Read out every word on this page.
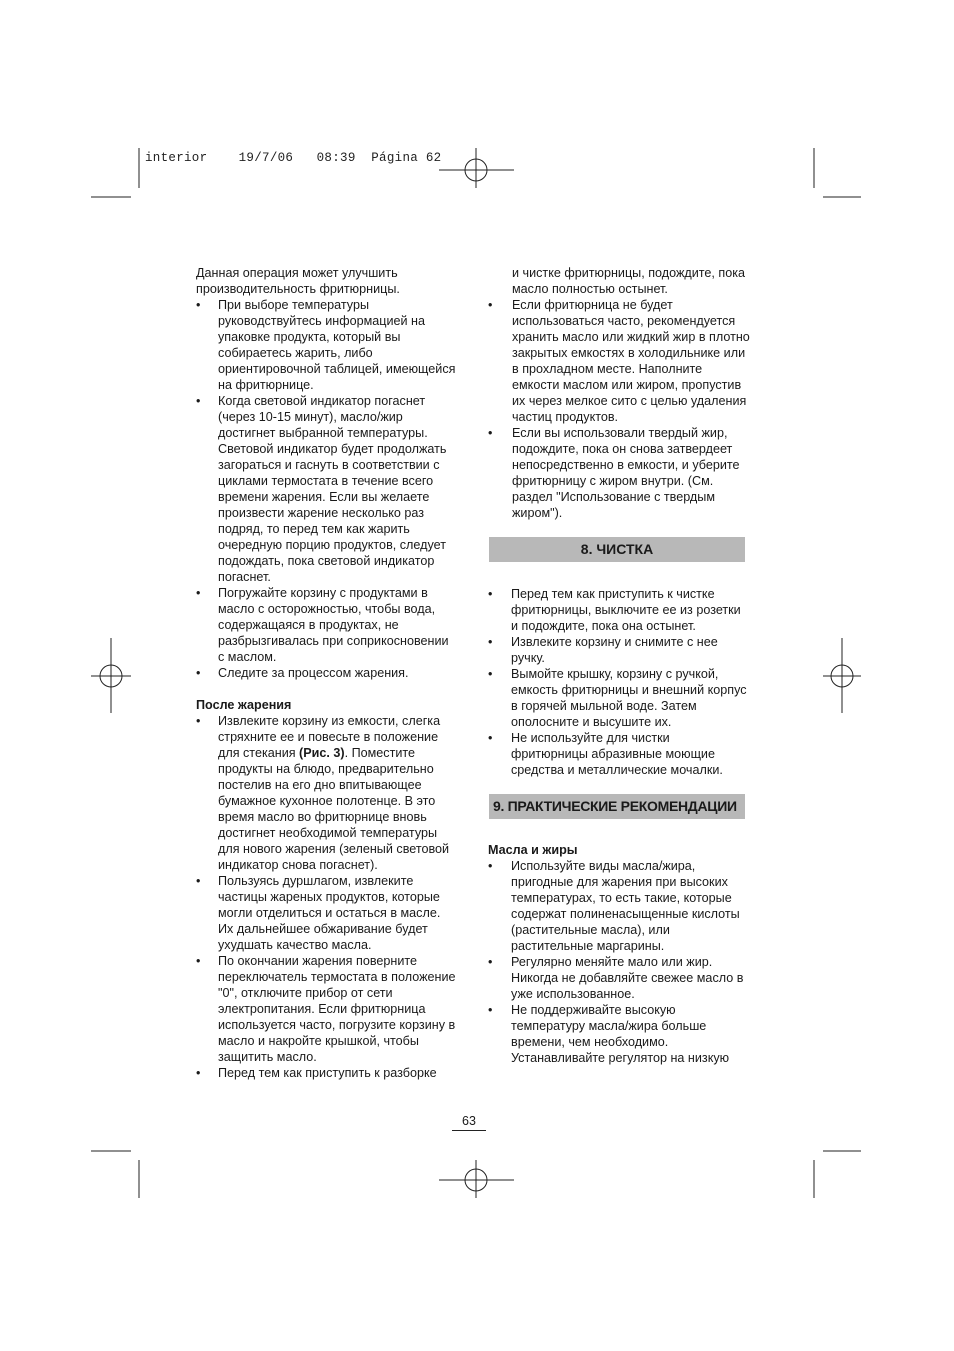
interior    19/7/06   08:39  Página 62

Данная операция может улучшить производительность фритюрницы.

• При выборе температуры руководствуйтесь информацией на упаковке продукта, который вы собираетесь жарить, либо ориентировочной таблицей, имеющейся на фритюрнице.
• Когда световой индикатор погаснет (через 10-15 минут), масло/жир достигнет выбранной температуры. Световой индикатор будет продолжать загораться и гаснуть в соответствии с циклами термостата в течение всего времени жарения. Если вы желаете произвести жарение несколько раз подряд, то перед тем как жарить очередную порцию продуктов, следует подождать, пока световой индикатор погаснет.
• Погружайте корзину с продуктами в масло с осторожностью, чтобы вода, содержащаяся в продуктах, не разбрызгивалась при соприкосновении с маслом.
• Следите за процессом жарения.

После жарения

• Извлеките корзину из емкости, слегка стряхните ее и повесьте в положение для стекания (Рис. 3). Поместите продукты на блюдо, предварительно постелив на его дно впитывающее бумажное кухонное полотенце. В это время масло во фритюрнице вновь достигнет необходимой температуры для нового жарения (зеленый световой индикатор снова погаснет).
• Пользуясь дуршлагом, извлеките частицы жареных продуктов, которые могли отделиться и остаться в масле. Их дальнейшее обжаривание будет ухудшать качество масла.
• По окончании жарения поверните переключатель термостата в положение "0", отключите прибор от сети электропитания. Если фритюрница используется часто, погрузите корзину в масло и накройте крышкой, чтобы защитить масло.
• Перед тем как приступить к разборке

и чистке фритюрницы, подождите, пока масло полностью остынет.

• Если фритюрница не будет использоваться часто, рекомендуется хранить масло или жидкий жир в плотно закрытых емкостях в холодильнике или в прохладном месте. Наполните емкости маслом или жиром, пропустив их через мелкое сито с целью удаления частиц продуктов.
• Если вы использовали твердый жир, подождите, пока он снова затвердеет непосредственно в емкости, и уберите фритюрницу с жиром внутри. (См. раздел "Использование с твердым жиром").
8. ЧИСТКА
• Перед тем как приступить к чистке фритюрницы, выключите ее из розетки и подождите, пока она остынет.
• Извлеките корзину и снимите с нее ручку.
• Вымойте крышку, корзину с ручкой, емкость фритюрницы и внешний корпус в горячей мыльной воде. Затем ополосните и высушите их.
• Не используйте для чистки фритюрницы абразивные моющие средства и металлические мочалки.
9. ПРАКТИЧЕСКИЕ РЕКОМЕНДАЦИИ

Масла и жиры

• Используйте виды масла/жира, пригодные для жарения при высоких температурах, то есть такие, которые содержат полиненасыщенные кислоты (растительные масла), или растительные маргарины.
• Регулярно меняйте мало или жир. Никогда не добавляйте свежее масло в уже использованное.
• Не поддерживайте высокую температуру масла/жира больше времени, чем необходимо. Устанавливайте регулятор на низкую
63
